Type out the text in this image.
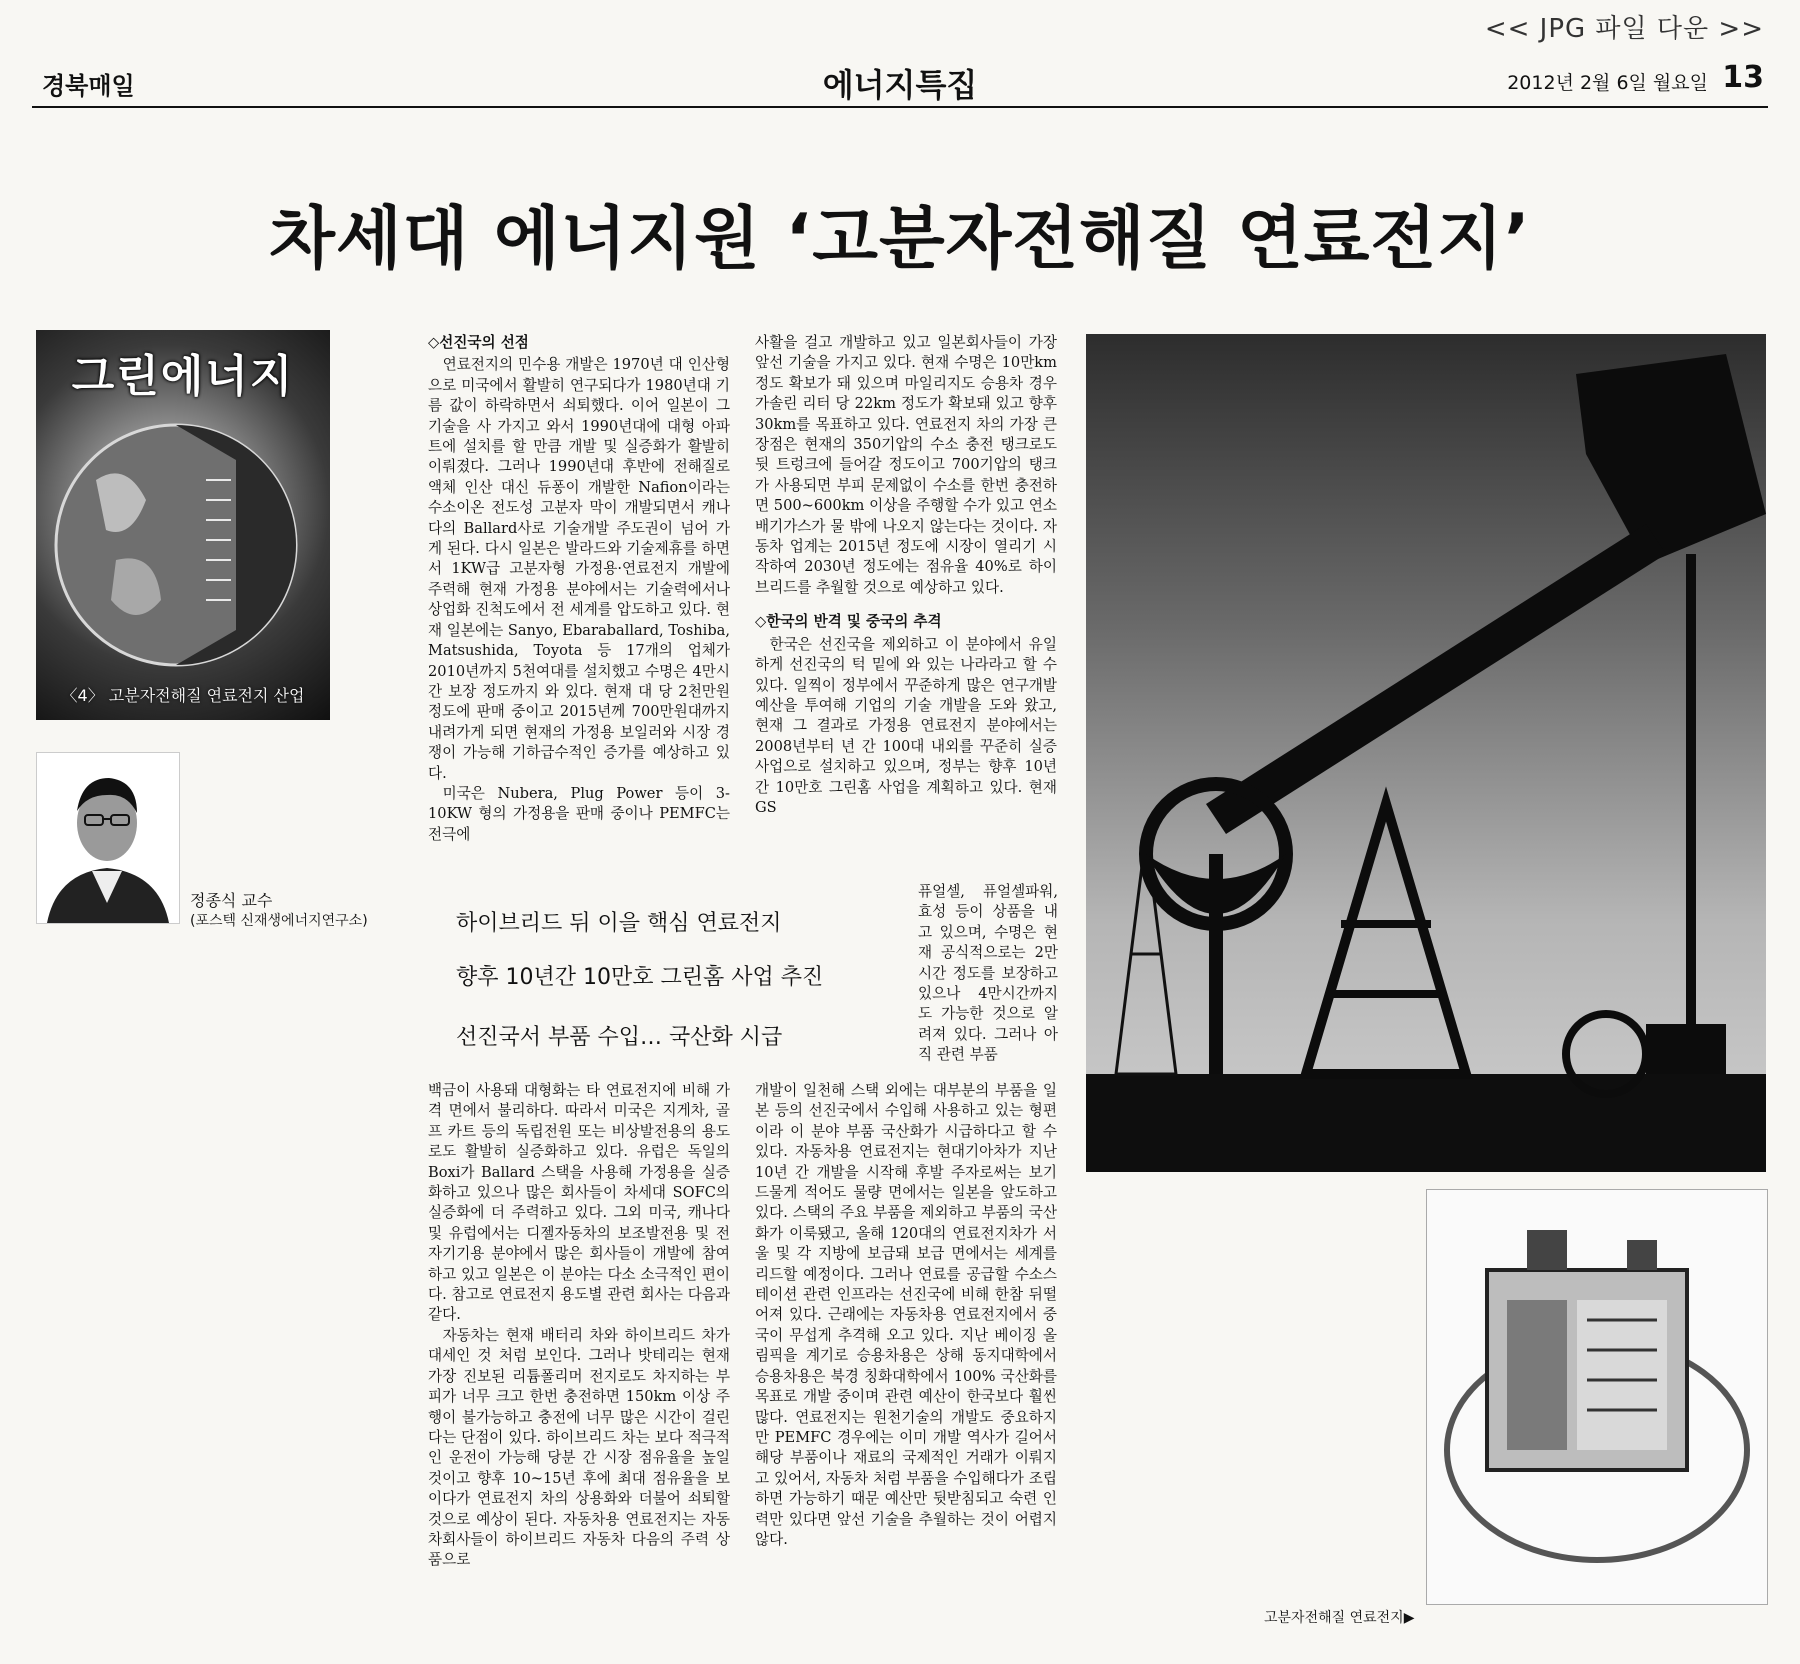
<< JPG 파일 다운 >>
경북매일	에너지특집	2012년 2월 6일 월요일 13
차세대 에너지원 ‘고분자전해질 연료전지’
그린에너지
〈4〉 고분자전해질 연료전지 산업
정종식 교수
(포스텍 신재생에너지연구소)

◇선진국의 선점

연료전지의 민수용 개발은 1970년 대 인산형으로 미국에서 활발히 연구되다가 1980년대 기름 값이 하락하면서 쇠퇴했다. 이어 일본이 그 기술을 사 가지고 와서 1990년대에 대형 아파트에 설치를 할 만큼 개발 및 실증화가 활발히 이뤄졌다. 그러나 1990년대 후반에 전해질로 액체 인산 대신 듀퐁이 개발한 Nafion이라는 수소이온 전도성 고분자 막이 개발되면서 캐나다의 Ballard사로 기술개발 주도권이 넘어 가게 된다. 다시 일본은 발라드와 기술제휴를 하면서 1KW급 고분자형 가정용·연료전지 개발에 주력해 현재 가정용 분야에서는 기술력에서나 상업화 진척도에서 전 세계를 압도하고 있다. 현재 일본에는 Sanyo, Ebaraballard, Toshiba, Matsushida, Toyota 등 17개의 업체가 2010년까지 5천여대를 설치했고 수명은 4만시간 보장 정도까지 와 있다. 현재 대 당 2천만원 정도에 판매 중이고 2015년께 700만원대까지 내려가게 되면 현재의 가정용 보일러와 시장 경쟁이 가능해 기하급수적인 증가를 예상하고 있다.

미국은 Nubera, Plug Power 등이 3-10KW 형의 가정용을 판매 중이나 PEMFC는 전극에

사활을 걸고 개발하고 있고 일본회사들이 가장 앞선 기술을 가지고 있다. 현재 수명은 10만km 정도 확보가 돼 있으며 마일리지도 승용차 경우 가솔린 리터 당 22km 정도가 확보돼 있고 향후 30km를 목표하고 있다. 연료전지 차의 가장 큰 장점은 현재의 350기압의 수소 충전 탱크로도 뒷 트렁크에 들어갈 정도이고 700기압의 탱크가 사용되면 부피 문제없이 수소를 한번 충전하면 500~600km 이상을 주행할 수가 있고 연소 배기가스가 물 밖에 나오지 않는다는 것이다. 자동차 업계는 2015년 정도에 시장이 열리기 시작하여 2030년 정도에는 점유율 40%로 하이브리드를 추월할 것으로 예상하고 있다.

◇한국의 반격 및 중국의 추격

한국은 선진국을 제외하고 이 분야에서 유일하게 선진국의 턱 밑에 와 있는 나라라고 할 수 있다. 일찍이 정부에서 꾸준하게 많은 연구개발 예산을 투여해 기업의 기술 개발을 도와 왔고, 현재 그 결과로 가정용 연료전지 분야에서는 2008년부터 년 간 100대 내외를 꾸준히 실증 사업으로 설치하고 있으며, 정부는 향후 10년 간 10만호 그린홈 사업을 계획하고 있다. 현재 GS

하이브리드 뒤 이을 핵심 연료전지
향후 10년간 10만호 그린홈 사업 추진
선진국서 부품 수입… 국산화 시급

퓨얼셀, 퓨얼셀파워, 효성 등이 상품을 내고 있으며, 수명은 현재 공식적으로는 2만시간 정도를 보장하고 있으나 4만시간까지도 가능한 것으로 알려져 있다. 그러나 아직 관련 부품

백금이 사용돼 대형화는 타 연료전지에 비해 가격 면에서 불리하다. 따라서 미국은 지게차, 골프 카트 등의 독립전원 또는 비상발전용의 용도로도 활발히 실증화하고 있다. 유럽은 독일의 Boxi가 Ballard 스택을 사용해 가정용을 실증화하고 있으나 많은 회사들이 차세대 SOFC의 실증화에 더 주력하고 있다. 그외 미국, 캐나다 및 유럽에서는 디젤자동차의 보조발전용 및 전자기기용 분야에서 많은 회사들이 개발에 참여하고 있고 일본은 이 분야는 다소 소극적인 편이다. 참고로 연료전지 용도별 관련 회사는 다음과 같다.

자동차는 현재 배터리 차와 하이브리드 차가 대세인 것 처럼 보인다. 그러나 밧테리는 현재 가장 진보된 리튬폴리머 전지로도 차지하는 부피가 너무 크고 한번 충전하면 150km 이상 주행이 불가능하고 충전에 너무 많은 시간이 걸린다는 단점이 있다. 하이브리드 차는 보다 적극적인 운전이 가능해 당분 간 시장 점유율을 높일 것이고 향후 10~15년 후에 최대 점유율을 보이다가 연료전지 차의 상용화와 더불어 쇠퇴할 것으로 예상이 된다. 자동차용 연료전지는 자동차회사들이 하이브리드 자동차 다음의 주력 상품으로

개발이 일천해 스택 외에는 대부분의 부품을 일본 등의 선진국에서 수입해 사용하고 있는 형편이라 이 분야 부품 국산화가 시급하다고 할 수 있다. 자동차용 연료전지는 현대기아차가 지난 10년 간 개발을 시작해 후발 주자로써는 보기 드물게 적어도 물량 면에서는 일본을 앞도하고 있다. 스택의 주요 부품을 제외하고 부품의 국산화가 이룩됐고, 올해 120대의 연료전지차가 서울 및 각 지방에 보급돼 보급 면에서는 세계를 리드할 예정이다. 그러나 연료를 공급할 수소스테이션 관련 인프라는 선진국에 비해 한참 뒤떨어져 있다. 근래에는 자동차용 연료전지에서 중국이 무섭게 추격해 오고 있다. 지난 베이징 올림픽을 계기로 승용차용은 상해 동지대학에서 승용차용은 북경 칭화대학에서 100% 국산화를 목표로 개발 중이며 관련 예산이 한국보다 훨씬 많다. 연료전지는 원천기술의 개발도 중요하지만 PEMFC 경우에는 이미 개발 역사가 길어서 해당 부품이나 재료의 국제적인 거래가 이뤄지고 있어서, 자동차 처럼 부품을 수입해다가 조립하면 가능하기 때문 예산만 뒷받침되고 숙련 인력만 있다면 앞선 기술을 추월하는 것이 어렵지 않다.

고분자전해질 연료전지▶
